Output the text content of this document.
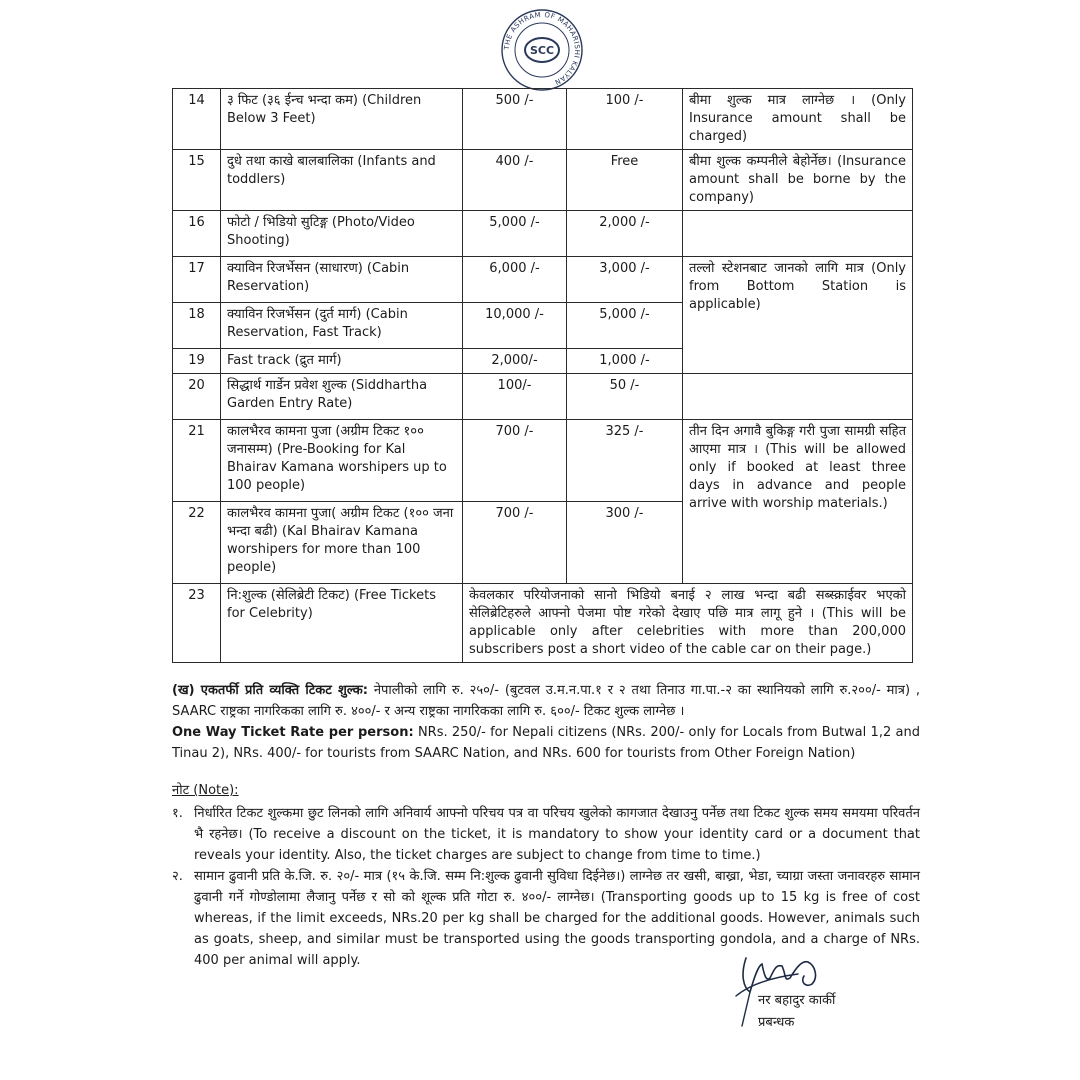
THE ASHRAM OF MAHARISHI KALYAN
SCC
14	३ फिट (३६ ईन्च भन्दा कम) (Children Below 3 Feet)	500 /-	100 /-	बीमा शुल्क मात्र लाग्नेछ । (Only Insurance amount shall be charged)
15	दुधे तथा काखे बालबालिका (Infants and toddlers)	400 /-	Free	बीमा शुल्क कम्पनीले बेहोर्नेछ। (Insurance amount shall be borne by the company)
16	फोटो / भिडियो सुटिङ्ग (Photo/Video Shooting)	5,000 /-	2,000 /-	
17	क्याविन रिजर्भेसन (साधारण) (Cabin Reservation)	6,000 /-	3,000 /-	तल्लो स्टेशनबाट जानको लागि मात्र (Only from Bottom Station is applicable)
18	क्याविन रिजर्भेसन (दुर्त मार्ग) (Cabin Reservation, Fast Track)	10,000 /-	5,000 /-	
19	Fast track (द्रुत मार्ग)	2,000/-	1,000 /-	
20	सिद्धार्थ गार्डेन प्रवेश शुल्क (Siddhartha Garden Entry Rate)	100/-	50 /-	
21	कालभैरव कामना पुजा (अग्रीम टिकट १०० जनासम्म) (Pre-Booking for Kal Bhairav Kamana worshipers up to 100 people)	700 /-	325 /-	तीन दिन अगावै बुकिङ्ग गरी पुजा सामग्री सहित आएमा मात्र । (This will be allowed only if booked at least three days in advance and people arrive with worship materials.)
22	कालभैरव कामना पुजा( अग्रीम टिकट (१०० जना भन्दा बढी) (Kal Bhairav Kamana worshipers for more than 100 people)	700 /-	300 /-	
23	नि:शुल्क (सेलिब्रेटी टिकट) (Free Tickets for Celebrity)	केवलकार परियोजनाको सानो भिडियो बनाई २ लाख भन्दा बढी सब्स्क्राईवर भएको सेलिब्रेटिहरुले आफ्नो पेजमा पोष्ट गरेको देखाए पछि मात्र लागू हुने । (This will be applicable only after celebrities with more than 200,000 subscribers post a short video of the cable car on their page.)		
(ख) एकतर्फी प्रति व्यक्ति टिकट शुल्क: नेपालीको लागि रु. २५०/- (बुटवल उ.म.न.पा.१ र २ तथा तिनाउ गा.पा.-२ का स्थानियको लागि रु.२००/- मात्र) , SAARC राष्ट्रका नागरिकका लागि रु. ४००/- र अन्य राष्ट्रका नागरिकका लागि रु. ६००/- टिकट शुल्क लाग्नेछ ।
One Way Ticket Rate per person: NRs. 250/- for Nepali citizens (NRs. 200/- only for Locals from Butwal 1,2 and Tinau 2), NRs. 400/- for tourists from SAARC Nation, and NRs. 600 for tourists from Other Foreign Nation)
नोट (Note):
१. निर्धारित टिकट शुल्कमा छुट लिनको लागि अनिवार्य आफ्नो परिचय पत्र वा परिचय खुलेको कागजात देखाउनु पर्नेछ तथा टिकट शुल्क समय समयमा परिवर्तन भै रहनेछ। (To receive a discount on the ticket, it is mandatory to show your identity card or a document that reveals your identity. Also, the ticket charges are subject to change from time to time.)
२. सामान ढुवानी प्रति के.जि. रु. २०/- मात्र (१५ के.जि. सम्म नि:शुल्क ढुवानी सुविधा दिईनेछ।) लाग्नेछ तर खसी, बाख्रा, भेडा, च्याग्रा जस्ता जनावरहरु सामान ढुवानी गर्ने गोण्डोलामा लैजानु पर्नेछ र सो को शूल्क प्रति गोटा रु. ४००/- लाग्नेछ। (Transporting goods up to 15 kg is free of cost whereas, if the limit exceeds, NRs.20 per kg shall be charged for the additional goods. However, animals such as goats, sheep, and similar must be transported using the goods transporting gondola, and a charge of NRs. 400 per animal will apply.
नर बहादुर कार्की
प्रबन्धक
